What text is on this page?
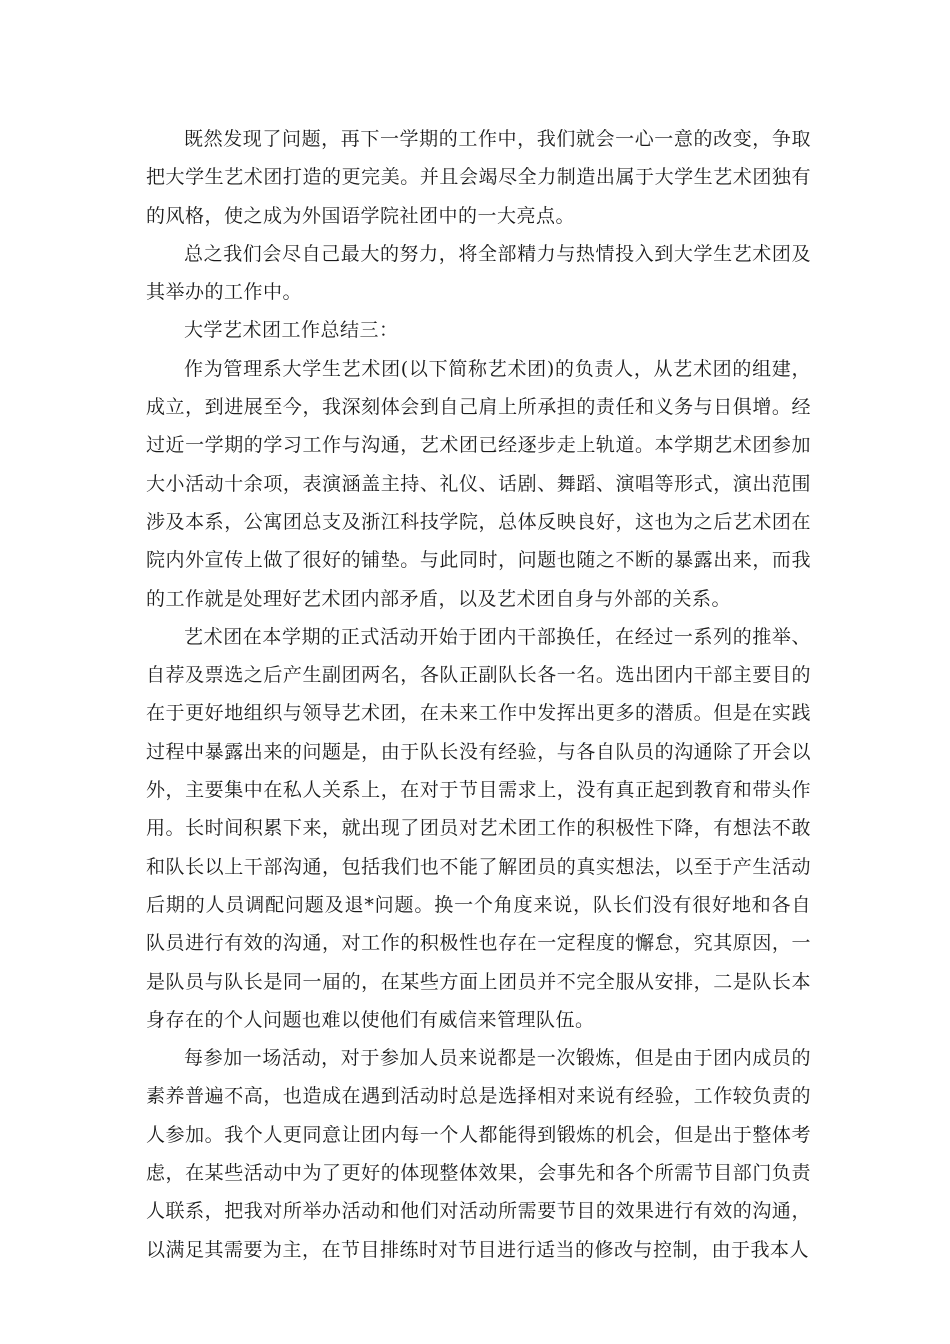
既然发现了问题，再下一学期的工作中，我们就会一心一意的改变，争取把大学生艺术团打造的更完美。并且会竭尽全力制造出属于大学生艺术团独有的风格，使之成为外国语学院社团中的一大亮点。

总之我们会尽自己最大的努力，将全部精力与热情投入到大学生艺术团及其举办的工作中。

大学艺术团工作总结三：

作为管理系大学生艺术团(以下简称艺术团)的负责人，从艺术团的组建，成立，到进展至今，我深刻体会到自己肩上所承担的责任和义务与日俱增。经过近一学期的学习工作与沟通，艺术团已经逐步走上轨道。本学期艺术团参加大小活动十余项，表演涵盖主持、礼仪、话剧、舞蹈、演唱等形式，演出范围涉及本系，公寓团总支及浙江科技学院，总体反映良好，这也为之后艺术团在院内外宣传上做了很好的铺垫。与此同时，问题也随之不断的暴露出来，而我的工作就是处理好艺术团内部矛盾，以及艺术团自身与外部的关系。

艺术团在本学期的正式活动开始于团内干部换任，在经过一系列的推举、自荐及票选之后产生副团两名，各队正副队长各一名。选出团内干部主要目的在于更好地组织与领导艺术团，在未来工作中发挥出更多的潜质。但是在实践过程中暴露出来的问题是，由于队长没有经验，与各自队员的沟通除了开会以外，主要集中在私人关系上，在对于节目需求上，没有真正起到教育和带头作用。长时间积累下来，就出现了团员对艺术团工作的积极性下降，有想法不敢和队长以上干部沟通，包括我们也不能了解团员的真实想法，以至于产生活动后期的人员调配问题及退*问题。换一个角度来说，队长们没有很好地和各自队员进行有效的沟通，对工作的积极性也存在一定程度的懈怠，究其原因，一是队员与队长是同一届的，在某些方面上团员并不完全服从安排，二是队长本身存在的个人问题也难以使他们有威信来管理队伍。

每参加一场活动，对于参加人员来说都是一次锻炼，但是由于团内成员的素养普遍不高，也造成在遇到活动时总是选择相对来说有经验，工作较负责的人参加。我个人更同意让团内每一个人都能得到锻炼的机会，但是出于整体考虑，在某些活动中为了更好的体现整体效果，会事先和各个所需节目部门负责人联系，把我对所举办活动和他们对活动所需要节目的效果进行有效的沟通，以满足其需要为主，在节目排练时对节目进行适当的修改与控制，由于我本人
